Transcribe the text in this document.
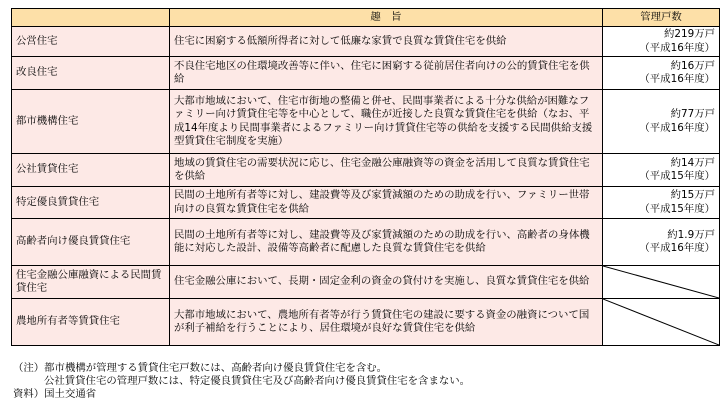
	趣　旨	管理戸数
公営住宅	住宅に困窮する低額所得者に対して低廉な家賃で良質な賃貸住宅を供給	約219万戸
（平成16年度）

改良住宅	不良住宅地区の住環境改善等に伴い、住宅に困窮する従前居住者向けの公的賃貸住宅を供給	約16万戸
（平成16年度）

都市機構住宅	大都市地域において、住宅市街地の整備と併せ、民間事業者による十分な供給が困難なファミリー向け賃貸住宅等を中心として、職住が近接した良質な賃貸住宅を供給（なお、平成14年度より民間事業者によるファミリー向け賃貸住宅等の供給を支援する民間供給支援型賃貸住宅制度を実施）	約77万戸
（平成16年度）

公社賃貸住宅	地域の賃貸住宅の需要状況に応じ、住宅金融公庫融資等の資金を活用して良質な賃貸住宅を供給	約14万戸
（平成15年度）

特定優良賃貸住宅	民間の土地所有者等に対し、建設費等及び家賃減額のための助成を行い、ファミリー世帯向けの良質な賃貸住宅を供給	約15万戸
（平成15年度）

高齢者向け優良賃貸住宅	民間の土地所有者等に対し、建設費等及び家賃減額のための助成を行い、高齢者の身体機能に対応した設計、設備等高齢者に配慮した良質な賃貸住宅を供給	約1.9万戸
（平成16年度）

住宅金融公庫融資による民間賃貸住宅	住宅金融公庫において、長期・固定金利の資金の貸付けを実施し、良質な賃貸住宅を供給	

農地所有者等賃貸住宅	大都市地域において、農地所有者等が行う賃貸住宅の建設に要する資金の融資について国が利子補給を行うことにより、居住環境が良好な賃貸住宅を供給	
（注）都市機構が管理する賃貸住宅戸数には、高齢者向け優良賃貸住宅を含む。
公社賃貸住宅の管理戸数には、特定優良賃貸住宅及び高齢者向け優良賃貸住宅を含まない。
資料）国土交通省
